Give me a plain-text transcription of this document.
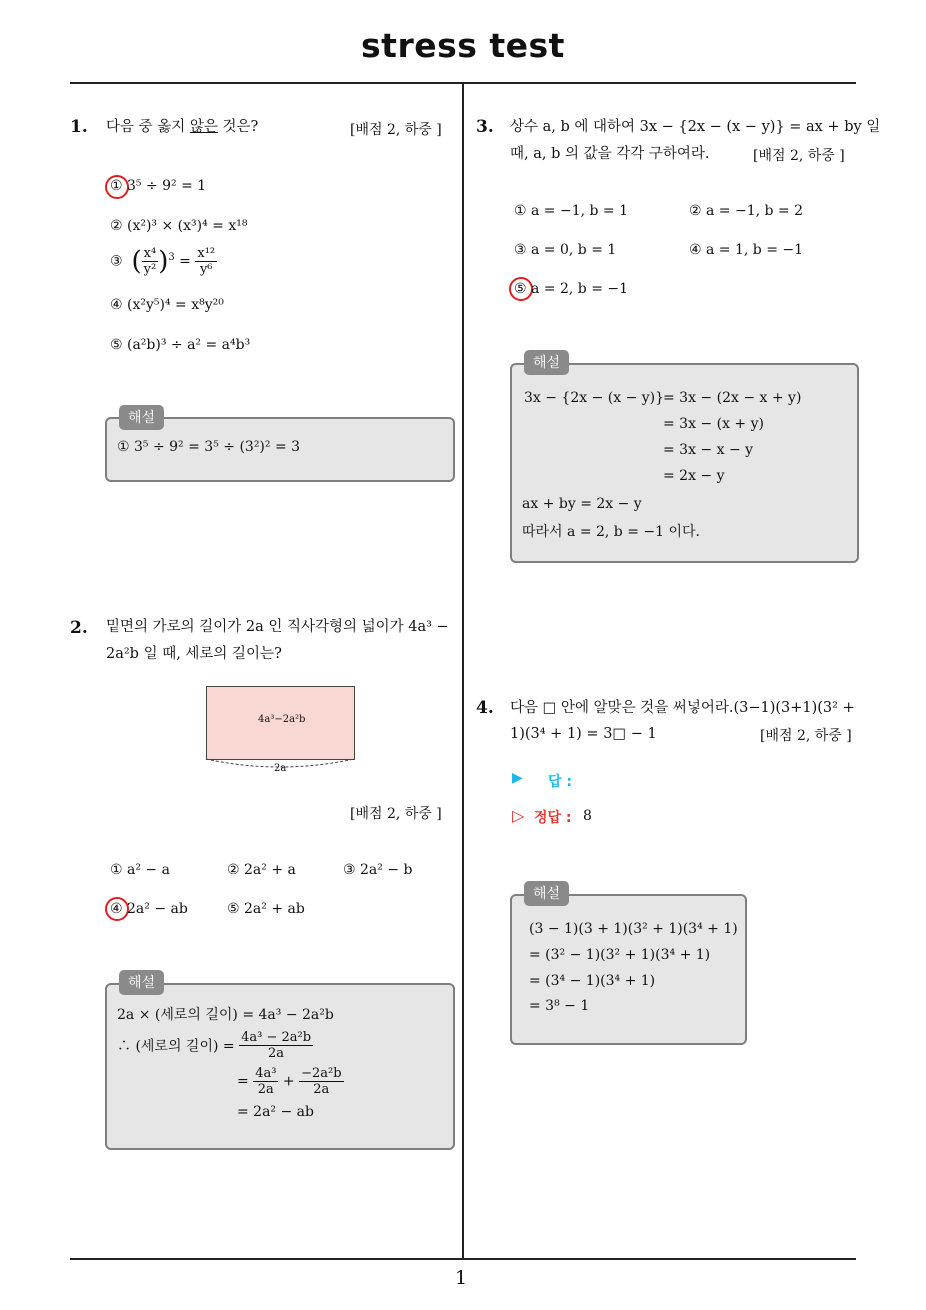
stress test
1
1. 다음 중 옳지 않은 것은?	[배점 2, 하중 ]
① 3⁵ ÷ 9² = 1
② (x²)³ × (x³)⁴ = x¹⁸
③ ( $\frac{\text{x⁴}}{\text{y²}} )^3 = \frac{\text{x¹²}}{\text{y⁶}}$
④ (x²y⁵)⁴ = x⁸y²⁰
⑤ (a²b)³ ÷ a² = a⁴b³
해설
① 3⁵ ÷ 9² = 3⁵ ÷ (3²)² = 3
2. 밑면의 가로의 길이가 2a 인 직사각형의 넓이가 4a³ −
2a²b 일 때, 세로의 길이는?
4a³−2a²b
2a
[배점 2, 하중 ]
① a² − a	② 2a² + a	③ 2a² − b
④ 2a² − ab	⑤ 2a² + ab
해설
2a × (세로의 길이) = 4a³ − 2a²b
∴ (세로의 길이) = $\frac{\text{4a³ − 2a²b}}{2a}$
= $\frac{\text{4a³}}{2a} + \frac{\text{−2a²b}}{2a}$
= 2a² − ab
3. 상수 a, b 에 대하여 3x − {2x − (x − y)} = ax + by 일
때, a, b 의 값을 각각 구하여라.	[배점 2, 하중 ]
① a = −1, b = 1	② a = −1, b = 2
③ a = 0, b = 1	④ a = 1, b = −1
⑤ a = 2, b = −1
해설
3x − {2x − (x − y)}
= 3x − (2x − x + y)
= 3x − (x + y)
= 3x − x − y
= 2x − y
ax + by = 2x − y
따라서 a = 2, b = −1 이다.
4. 다음 □ 안에 알맞은 것을 써넣어라.(3−1)(3+1)(3² +
1)(3⁴ + 1) = 3□ − 1	[배점 2, 하중 ]
▶ 답 :
▷ 정답 : 8
해설
(3 − 1)(3 + 1)(3² + 1)(3⁴ + 1)
= (3² − 1)(3² + 1)(3⁴ + 1)
= (3⁴ − 1)(3⁴ + 1)
= 3⁸ − 1
